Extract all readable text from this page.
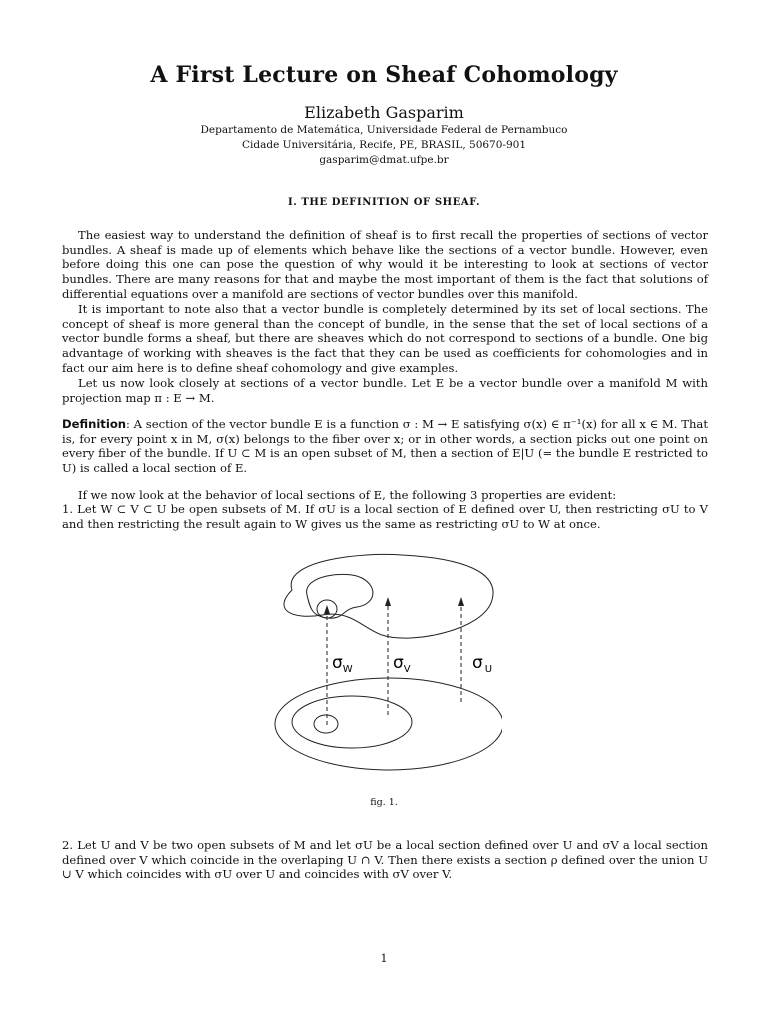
A First Lecture on Sheaf Cohomology
Elizabeth Gasparim
Departamento de Matemática, Universidade Federal de Pernambuco
Cidade Universitária, Recife, PE, BRASIL, 50670-901
gasparim@dmat.ufpe.br
I. THE DEFINITION OF SHEAF.

The easiest way to understand the definition of sheaf is to first recall the properties of sections of vector bundles. A sheaf is made up of elements which behave like the sections of a vector bundle. However, even before doing this one can pose the question of why would it be interesting to look at sections of vector bundles. There are many reasons for that and maybe the most important of them is the fact that solutions of differential equations over a manifold are sections of vector bundles over this manifold.

It is important to note also that a vector bundle is completely determined by its set of local sections. The concept of sheaf is more general than the concept of bundle, in the sense that the set of local sections of a vector bundle forms a sheaf, but there are sheaves which do not correspond to sections of a bundle. One big advantage of working with sheaves is the fact that they can be used as coefficients for cohomologies and in fact our aim here is to define sheaf cohomology and give examples.

Let us now look closely at sections of a vector bundle. Let E be a vector bundle over a manifold M with projection map π : E → M.

Definition: A section of the vector bundle E is a function σ : M → E satisfying σ(x) ∈ π⁻¹(x) for all x ∈ M. That is, for every point x in M, σ(x) belongs to the fiber over x; or in other words, a section picks out one point on every fiber of the bundle. If U ⊂ M is an open subset of M, then a section of E|U (= the bundle E restricted to U) is called a local section of E.

If we now look at the behavior of local sections of E, the following 3 properties are evident:

1. Let W ⊂ V ⊂ U be open subsets of M. If σU is a local section of E defined over U, then restricting σU to V and then restricting the result again to W gives us the same as restricting σU to W at once.

$\sigma_W$ $\sigma_V$	σ $_U$
fig. 1.

2. Let U and V be two open subsets of M and let σU be a local section defined over U and σV a local section defined over V which coincide in the overlaping U ∩ V. Then there exists a section ρ defined over the union U ∪ V which coincides with σU over U and coincides with σV over V.

1
